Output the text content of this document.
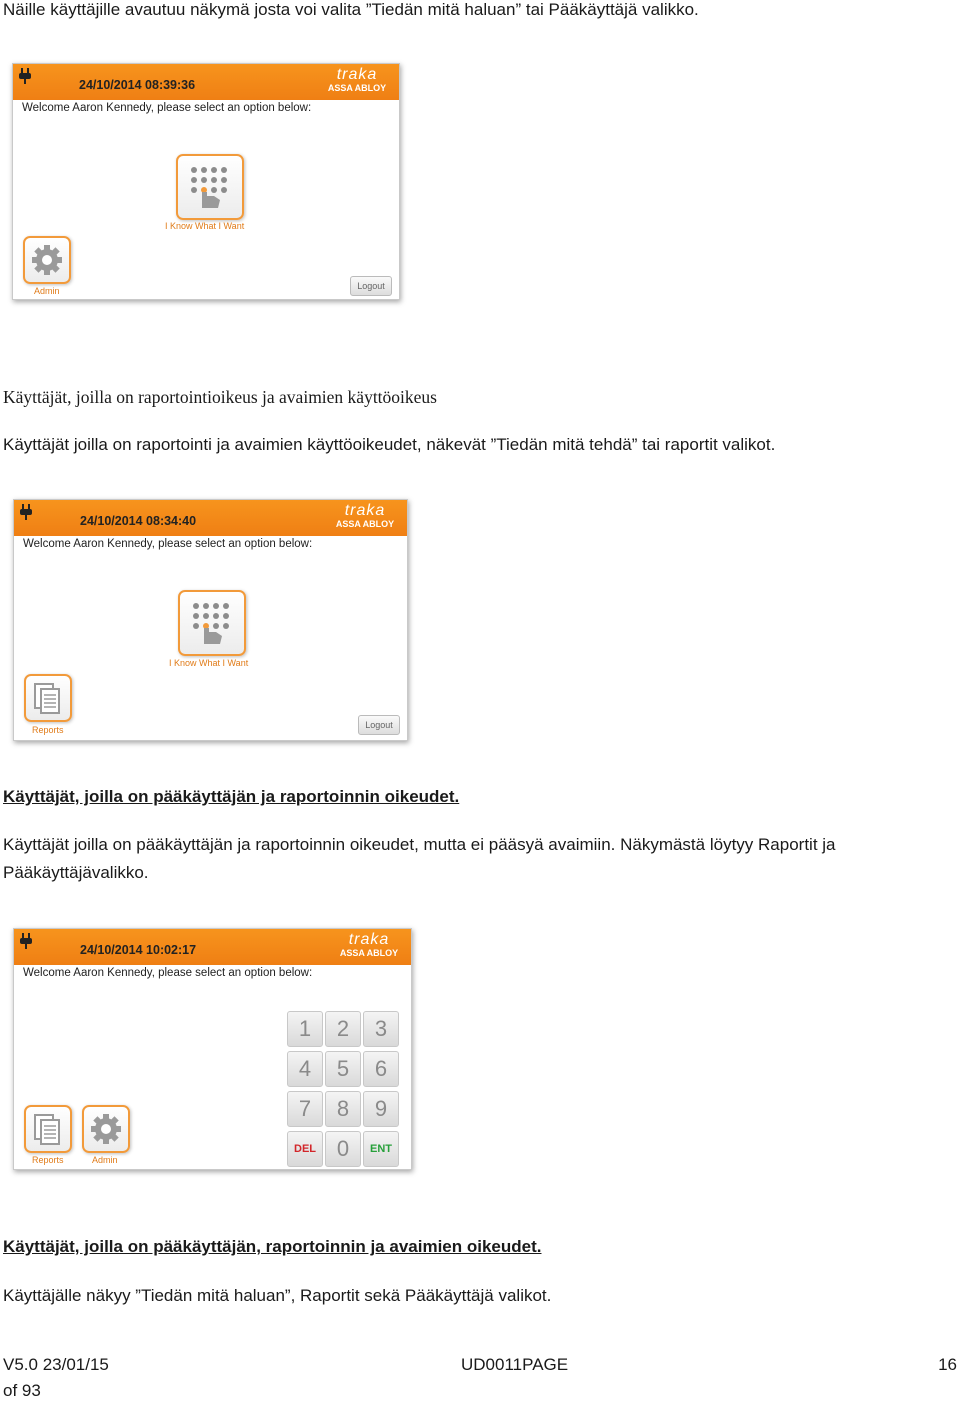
Näille käyttäjille avautuu näkymä josta voi valita ”Tiedän mitä haluan” tai Pääkäyttäjä valikko.
24/10/2014 08:39:36
traka
ASSA ABLOY
Welcome Aaron Kennedy, please select an option below:
I Know What I Want
Admin	Logout
Käyttäjät, joilla on raportointioikeus ja avaimien käyttöoikeus
Käyttäjät joilla on raportointi ja avaimien käyttöoikeudet, näkevät ”Tiedän mitä tehdä” tai raportit valikot.
24/10/2014 08:34:40
traka
ASSA ABLOY
Welcome Aaron Kennedy, please select an option below:
I Know What I Want
Reports	Logout
Käyttäjät, joilla on pääkäyttäjän ja raportoinnin oikeudet.
Käyttäjät joilla on pääkäyttäjän ja raportoinnin oikeudet, mutta ei pääsyä avaimiin. Näkymästä löytyy Raportit ja
Pääkäyttäjävalikko.
24/10/2014 10:02:17
traka
ASSA ABLOY
Welcome Aaron Kennedy, please select an option below:
1	2	3
4	5	6
7	8	9
DEL 0	ENT
Reports	Admin
Käyttäjät, joilla on pääkäyttäjän, raportoinnin ja avaimien oikeudet.
Käyttäjälle näkyy ”Tiedän mitä haluan”, Raportit sekä Pääkäyttäjä valikot.
V5.0 23/01/15	UD0011PAGE	16
of 93
